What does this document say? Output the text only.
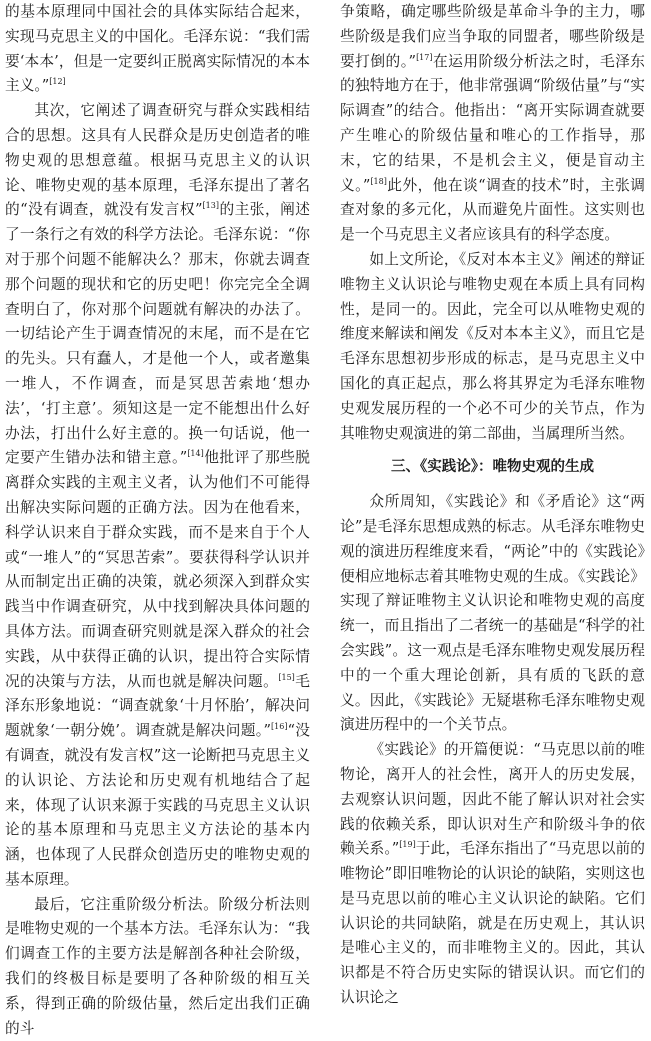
的基本原理同中国社会的具体实际结合起来，实现马克思主义的中国化。毛泽东说：“我们需要‘本本’，但是一定要纠正脱离实际情况的本本主义。”[12]

其次，它阐述了调查研究与群众实践相结合的思想。这具有人民群众是历史创造者的唯物史观的思想意蕴。根据马克思主义的认识论、唯物史观的基本原理，毛泽东提出了著名的“没有调查，就没有发言权”[13]的主张，阐述了一条行之有效的科学方法论。毛泽东说：“你对于那个问题不能解决么？那末，你就去调查那个问题的现状和它的历史吧！你完完全全调查明白了，你对那个问题就有解决的办法了。一切结论产生于调查情况的末尾，而不是在它的先头。只有蠢人，才是他一个人，或者邀集一堆人，不作调查，而是冥思苦索地‘想办法’，‘打主意’。须知这是一定不能想出什么好办法，打出什么好主意的。换一句话说，他一定要产生错办法和错主意。”[14]他批评了那些脱离群众实践的主观主义者，认为他们不可能得出解决实际问题的正确方法。因为在他看来，科学认识来自于群众实践，而不是来自于个人或“一堆人”的“冥思苦索”。要获得科学认识并从而制定出正确的决策，就必须深入到群众实践当中作调查研究，从中找到解决具体问题的具体方法。而调查研究则就是深入群众的社会实践，从中获得正确的认识，提出符合实际情况的决策与方法，从而也就是解决问题。[15]毛泽东形象地说：“调查就象‘十月怀胎’，解决问题就象‘一朝分娩’。调查就是解决问题。”[16]“没有调查，就没有发言权”这一论断把马克思主义的认识论、方法论和历史观有机地结合了起来，体现了认识来源于实践的马克思主义认识论的基本原理和马克思主义方法论的基本内涵，也体现了人民群众创造历史的唯物史观的基本原理。

最后，它注重阶级分析法。阶级分析法则是唯物史观的一个基本方法。毛泽东认为：“我们调查工作的主要方法是解剖各种社会阶级，我们的终极目标是要明了各种阶级的相互关系，得到正确的阶级估量，然后定出我们正确的斗

争策略，确定哪些阶级是革命斗争的主力，哪些阶级是我们应当争取的同盟者，哪些阶级是要打倒的。”[17]在运用阶级分析法之时，毛泽东的独特地方在于，他非常强调“阶级估量”与“实际调查”的结合。他指出：“离开实际调查就要产生唯心的阶级估量和唯心的工作指导，那末，它的结果，不是机会主义，便是盲动主义。”[18]此外，他在谈“调查的技术”时，主张调查对象的多元化，从而避免片面性。这实则也是一个马克思主义者应该具有的科学态度。

如上文所论，《反对本本主义》阐述的辩证唯物主义认识论与唯物史观在本质上具有同构性，是同一的。因此，完全可以从唯物史观的维度来解读和阐发《反对本本主义》，而且它是毛泽东思想初步形成的标志，是马克思主义中国化的真正起点，那么将其界定为毛泽东唯物史观发展历程的一个必不可少的关节点，作为其唯物史观演进的第二部曲，当属理所当然。

三、《实践论》：唯物史观的生成

众所周知，《实践论》和《矛盾论》这“两论”是毛泽东思想成熟的标志。从毛泽东唯物史观的演进历程维度来看，“两论”中的《实践论》便相应地标志着其唯物史观的生成。《实践论》实现了辩证唯物主义认识论和唯物史观的高度统一，而且指出了二者统一的基础是“科学的社会实践”。这一观点是毛泽东唯物史观发展历程中的一个重大理论创新，具有质的飞跃的意义。因此，《实践论》无疑堪称毛泽东唯物史观演进历程中的一个关节点。

《实践论》的开篇便说：“马克思以前的唯物论，离开人的社会性，离开人的历史发展，去观察认识问题，因此不能了解认识对社会实践的依赖关系，即认识对生产和阶级斗争的依赖关系。”[19]于此，毛泽东指出了“马克思以前的唯物论”即旧唯物论的认识论的缺陷，实则这也是马克思以前的唯心主义认识论的缺陷。它们认识论的共同缺陷，就是在历史观上，其认识是唯心主义的，而非唯物主义的。因此，其认识都是不符合历史实际的错误认识。而它们的认识论之
